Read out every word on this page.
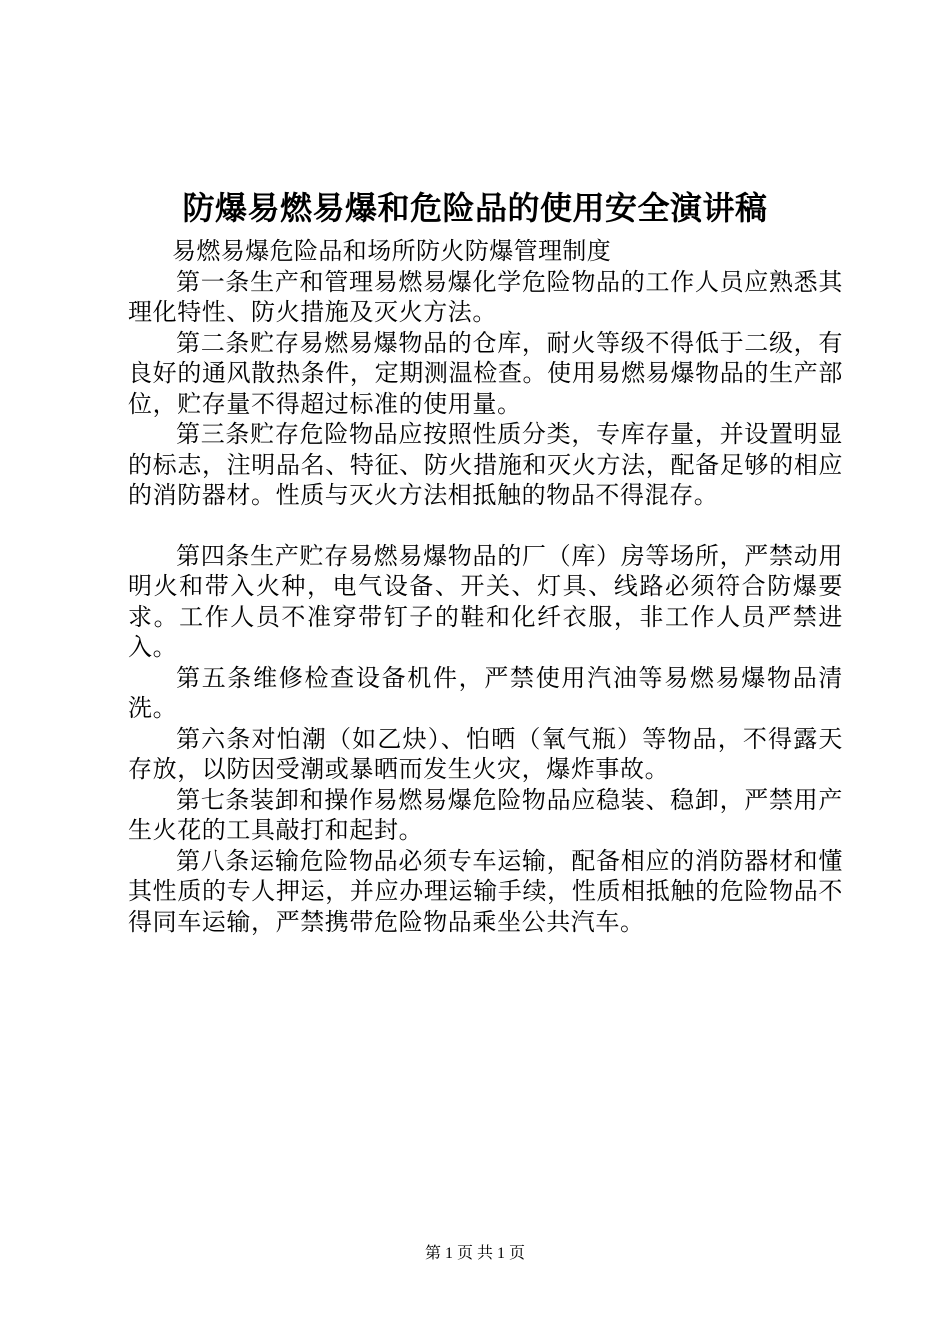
防爆易燃易爆和危险品的使用安全演讲稿

易燃易爆危险品和场所防火防爆管理制度

第一条生产和管理易燃易爆化学危险物品的工作人员应熟悉其理化特性、防火措施及灭火方法。

第二条贮存易燃易爆物品的仓库，耐火等级不得低于二级，有良好的通风散热条件，定期测温检查。使用易燃易爆物品的生产部位，贮存量不得超过标准的使用量。

第三条贮存危险物品应按照性质分类，专库存量，并设置明显的标志，注明品名、特征、防火措施和灭火方法，配备足够的相应的消防器材。性质与灭火方法相抵触的物品不得混存。

第四条生产贮存易燃易爆物品的厂（库）房等场所，严禁动用明火和带入火种，电气设备、开关、灯具、线路必须符合防爆要求。工作人员不准穿带钉子的鞋和化纤衣服，非工作人员严禁进入。

第五条维修检查设备机件，严禁使用汽油等易燃易爆物品清洗。

第六条对怕潮（如乙炔）、怕晒（氧气瓶）等物品，不得露天存放，以防因受潮或暴晒而发生火灾，爆炸事故。

第七条装卸和操作易燃易爆危险物品应稳装、稳卸，严禁用产生火花的工具敲打和起封。

第八条运输危险物品必须专车运输，配备相应的消防器材和懂其性质的专人押运，并应办理运输手续，性质相抵触的危险物品不得同车运输，严禁携带危险物品乘坐公共汽车。

第 1 页 共 1 页
